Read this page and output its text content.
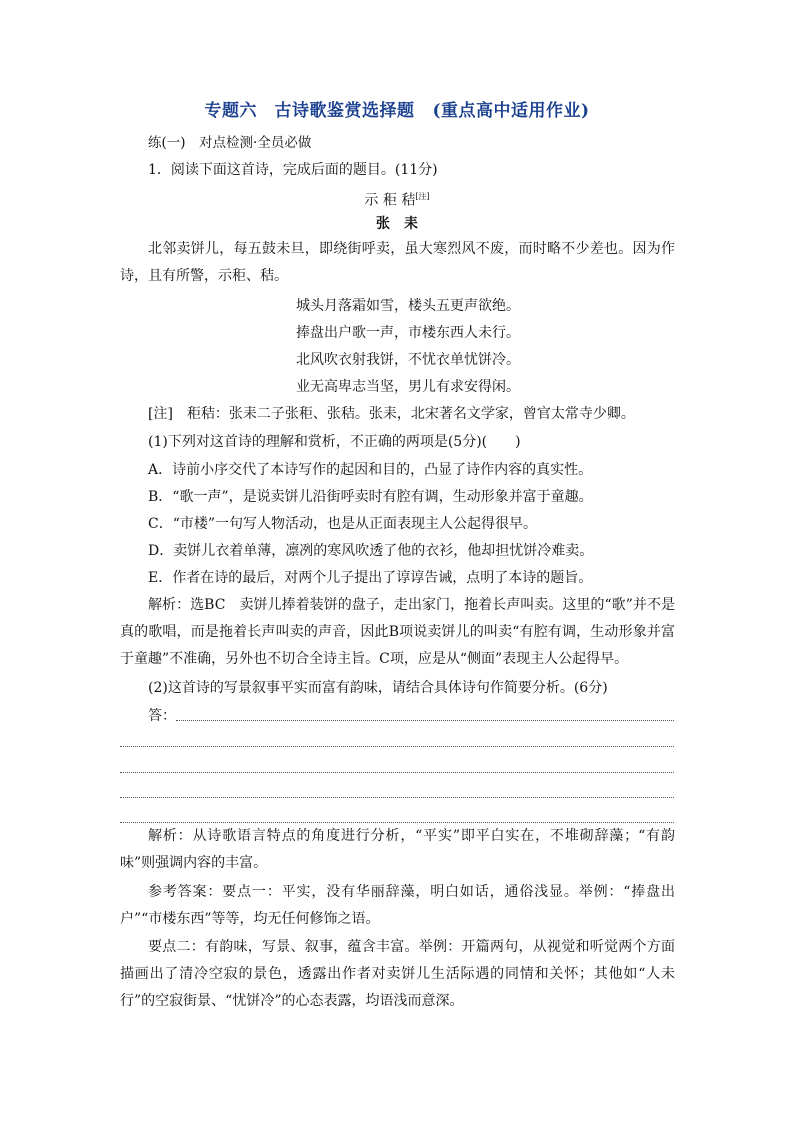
专题六　古诗歌鉴赏选择题 (重点高中适用作业)
练(一)　对点检测·全员必做
1．阅读下面这首诗，完成后面的题目。(11分)
示 秬 秸[注]
张　耒
北邻卖饼儿，每五鼓未旦，即绕街呼卖，虽大寒烈风不废，而时略不少差也。因为作诗，且有所警，示秬、秸。
城头月落霜如雪，楼头五更声欲绝。
捧盘出户歌一声，市楼东西人未行。
北风吹衣射我饼，不忧衣单忧饼冷。
业无高卑志当坚，男儿有求安得闲。
[注]　秬秸：张耒二子张秬、张秸。张耒，北宋著名文学家，曾官太常寺少卿。
(1)下列对这首诗的理解和赏析，不正确的两项是(5分)(　　)
A．诗前小序交代了本诗写作的起因和目的，凸显了诗作内容的真实性。
B．“歌一声”，是说卖饼儿沿街呼卖时有腔有调，生动形象并富于童趣。
C．“市楼”一句写人物活动，也是从正面表现主人公起得很早。
D．卖饼儿衣着单薄，凛冽的寒风吹透了他的衣衫，他却担忧饼冷难卖。
E．作者在诗的最后，对两个儿子提出了谆谆告诫，点明了本诗的题旨。
解析：选BC　卖饼儿捧着装饼的盘子，走出家门，拖着长声叫卖。这里的“歌”并不是真的歌唱，而是拖着长声叫卖的声音，因此B项说卖饼儿的叫卖“有腔有调，生动形象并富于童趣”不准确，另外也不切合全诗主旨。C项，应是从“侧面”表现主人公起得早。
(2)这首诗的写景叙事平实而富有韵味，请结合具体诗句作简要分析。(6分)
答：
解析：从诗歌语言特点的角度进行分析，“平实”即平白实在，不堆砌辞藻；“有韵味”则强调内容的丰富。
参考答案：要点一：平实，没有华丽辞藻，明白如话，通俗浅显。举例：“捧盘出户”“市楼东西”等等，均无任何修饰之语。
要点二：有韵味，写景、叙事，蕴含丰富。举例：开篇两句，从视觉和听觉两个方面描画出了清冷空寂的景色，透露出作者对卖饼儿生活际遇的同情和关怀；其他如“人未行”的空寂街景、“忧饼冷”的心态表露，均语浅而意深。
